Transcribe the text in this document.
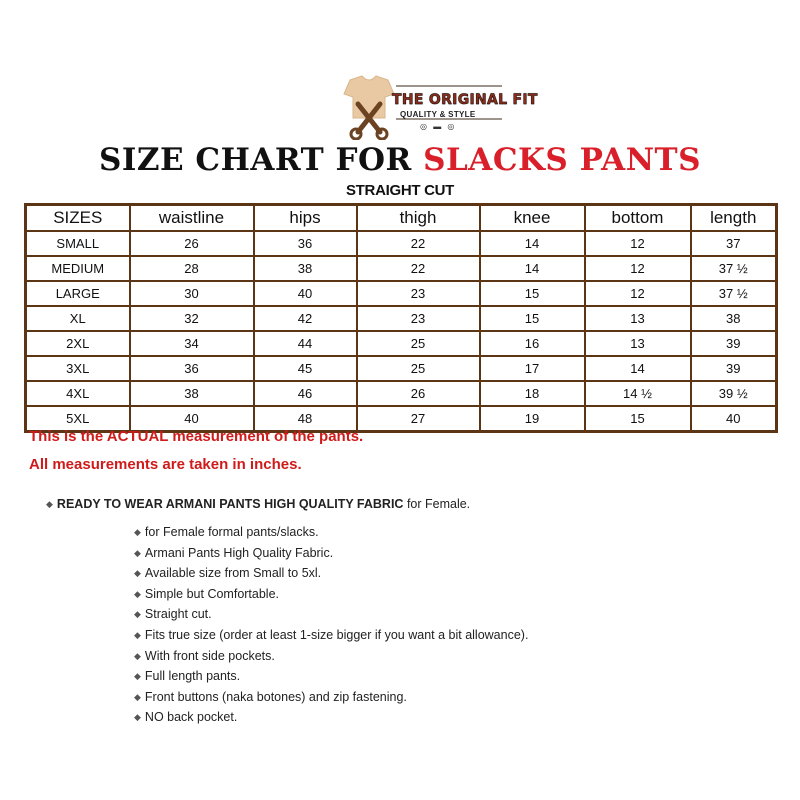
THE ORIGINAL FIT
QUALITY & STYLE
◎ ▬ ◎
SIZE CHART FOR SLACKS PANTS
STRAIGHT CUT
SIZES	waistline	hips	thigh	knee	bottom	length
SMALL	26	36	22	14	12	37
MEDIUM	28	38	22	14	12	37 ½
LARGE	30	40	23	15	12	37 ½
XL	32	42	23	15	13	38
2XL	34	44	25	16	13	39
3XL	36	45	25	17	14	39
4XL	38	46	26	18	14 ½	39 ½
5XL	40	48	27	19	15	40
This is the ACTUAL measurement of the pants.
All measurements are taken in inches.
◆ READY TO WEAR ARMANI PANTS HIGH QUALITY FABRIC for Female.
◆ for Female formal pants/slacks.
◆ Armani Pants High Quality Fabric.
◆ Available size from Small to 5xl.
◆ Simple but Comfortable.
◆ Straight cut.
◆ Fits true size (order at least 1-size bigger if you want a bit allowance).
◆ With front side pockets.
◆ Full length pants.
◆ Front buttons (naka botones) and zip fastening.
◆ NO back pocket.
